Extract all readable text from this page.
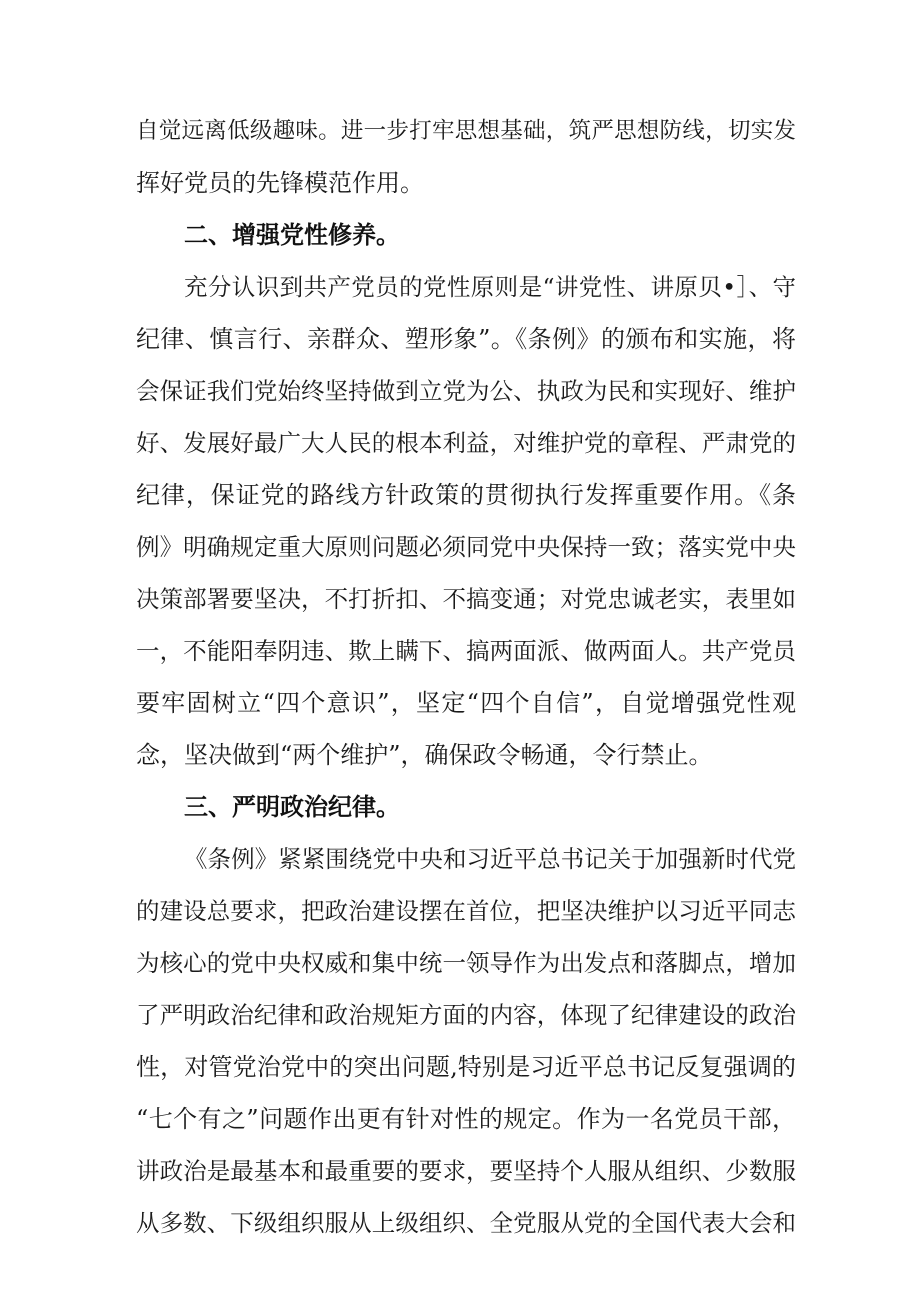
自觉远离低级趣味。进一步打牢思想基础，筑严思想防线，切实发
挥好党员的先锋模范作用。
二、增强党性修养。
充分认识到共产党员的党性原则是“讲党性、讲原贝•］、守
纪律、慎言行、亲群众、塑形象”。《条例》的颁布和实施，将
会保证我们党始终坚持做到立党为公、执政为民和实现好、维护
好、发展好最广大人民的根本利益，对维护党的章程、严肃党的
纪律，保证党的路线方针政策的贯彻执行发挥重要作用。《条
例》明确规定重大原则问题必须同党中央保持一致；落实党中央
决策部署要坚决，不打折扣、不搞变通；对党忠诚老实，表里如
一，不能阳奉阴违、欺上瞒下、搞两面派、做两面人。共产党员
要牢固树立“四个意识”，坚定“四个自信”，自觉增强党性观
念，坚决做到“两个维护”，确保政令畅通，令行禁止。
三、严明政治纪律。
《条例》紧紧围绕党中央和习近平总书记关于加强新时代党
的建设总要求，把政治建设摆在首位，把坚决维护以习近平同志
为核心的党中央权威和集中统一领导作为出发点和落脚点，增加
了严明政治纪律和政治规矩方面的内容，体现了纪律建设的政治
性，对管党治党中的突出问题,特别是习近平总书记反复强调的
“七个有之”问题作出更有针对性的规定。作为一名党员干部，
讲政治是最基本和最重要的要求，要坚持个人服从组织、少数服
从多数、下级组织服从上级组织、全党服从党的全国代表大会和
